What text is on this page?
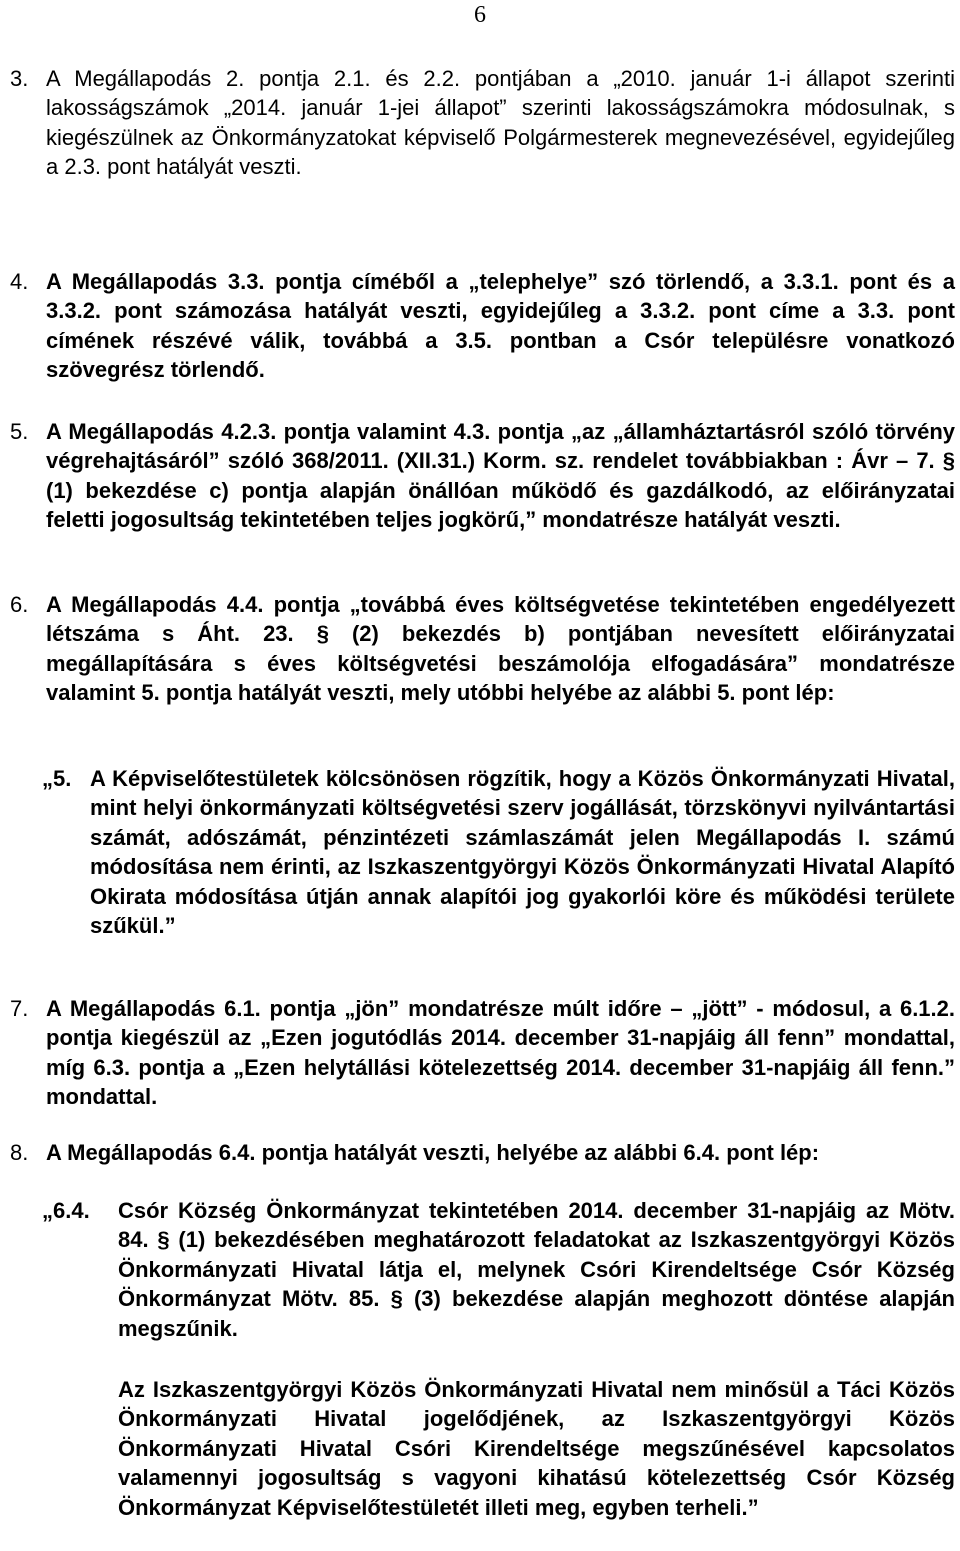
6
3. A Megállapodás 2. pontja 2.1. és 2.2. pontjában a „2010. január 1-i állapot szerinti lakosságszámok „2014. január 1-jei állapot” szerinti lakosságszámokra módosulnak, s kiegészülnek az Önkormányzatokat képviselő Polgármesterek megnevezésével, egyidejűleg a 2.3. pont hatályát veszti.
4. A Megállapodás 3.3. pontja címéből a „telephelye” szó törlendő, a 3.3.1. pont és a 3.3.2. pont számozása hatályát veszti, egyidejűleg a 3.3.2. pont címe a 3.3. pont címének részévé válik, továbbá a 3.5. pontban a Csór településre vonatkozó szövegrész törlendő.
5. A Megállapodás 4.2.3. pontja valamint 4.3. pontja „az „államháztartásról szóló törvény végrehajtásáról” szóló 368/2011. (XII.31.) Korm. sz. rendelet továbbiakban : Ávr – 7. § (1) bekezdése c) pontja alapján önállóan működő és gazdálkodó, az előirányzatai feletti jogosultság tekintetében teljes jogkörű,” mondatrésze hatályát veszti.
6. A Megállapodás 4.4. pontja „továbbá éves költségvetése tekintetében engedélyezett létszáma s Áht. 23. § (2) bekezdés b) pontjában nevesített előirányzatai megállapítására s éves költségvetési beszámolója elfogadására” mondatrésze valamint 5. pontja hatályát veszti, mely utóbbi helyébe az alábbi 5. pont lép:
„5. A Képviselőtestületek kölcsönösen rögzítik, hogy a Közös Önkormányzati Hivatal, mint helyi önkormányzati költségvetési szerv jogállását, törzskönyvi nyilvántartási számát, adószámát, pénzintézeti számlaszámát jelen Megállapodás I. számú módosítása nem érinti, az Iszkaszentgyörgyi Közös Önkormányzati Hivatal Alapító Okirata módosítása útján annak alapítói jog gyakorlói köre és működési területe szűkül.”
7. A Megállapodás 6.1. pontja „jön” mondatrésze múlt időre – „jött” - módosul, a 6.1.2. pontja kiegészül az „Ezen jogutódlás 2014. december 31-napjáig áll fenn” mondattal, míg 6.3. pontja a „Ezen helytállási kötelezettség 2014. december 31-napjáig áll fenn.” mondattal.
8. A Megállapodás 6.4. pontja hatályát veszti, helyébe az alábbi 6.4. pont lép:
„6.4. Csór Község Önkormányzat tekintetében 2014. december 31-napjáig az Mötv. 84. § (1) bekezdésében meghatározott feladatokat az Iszkaszentgyörgyi Közös Önkormányzati Hivatal látja el, melynek Csóri Kirendeltsége Csór Község Önkormányzat Mötv. 85. § (3) bekezdése alapján meghozott döntése alapján megszűnik.
Az Iszkaszentgyörgyi Közös Önkormányzati Hivatal nem minősül a Táci Közös Önkormányzati Hivatal jogelődjének, az Iszkaszentgyörgyi Közös Önkormányzati Hivatal Csóri Kirendeltsége megszűnésével kapcsolatos valamennyi jogosultság s vagyoni kihatású kötelezettség Csór Község Önkormányzat Képviselőtestületét illeti meg, egyben terheli.”
